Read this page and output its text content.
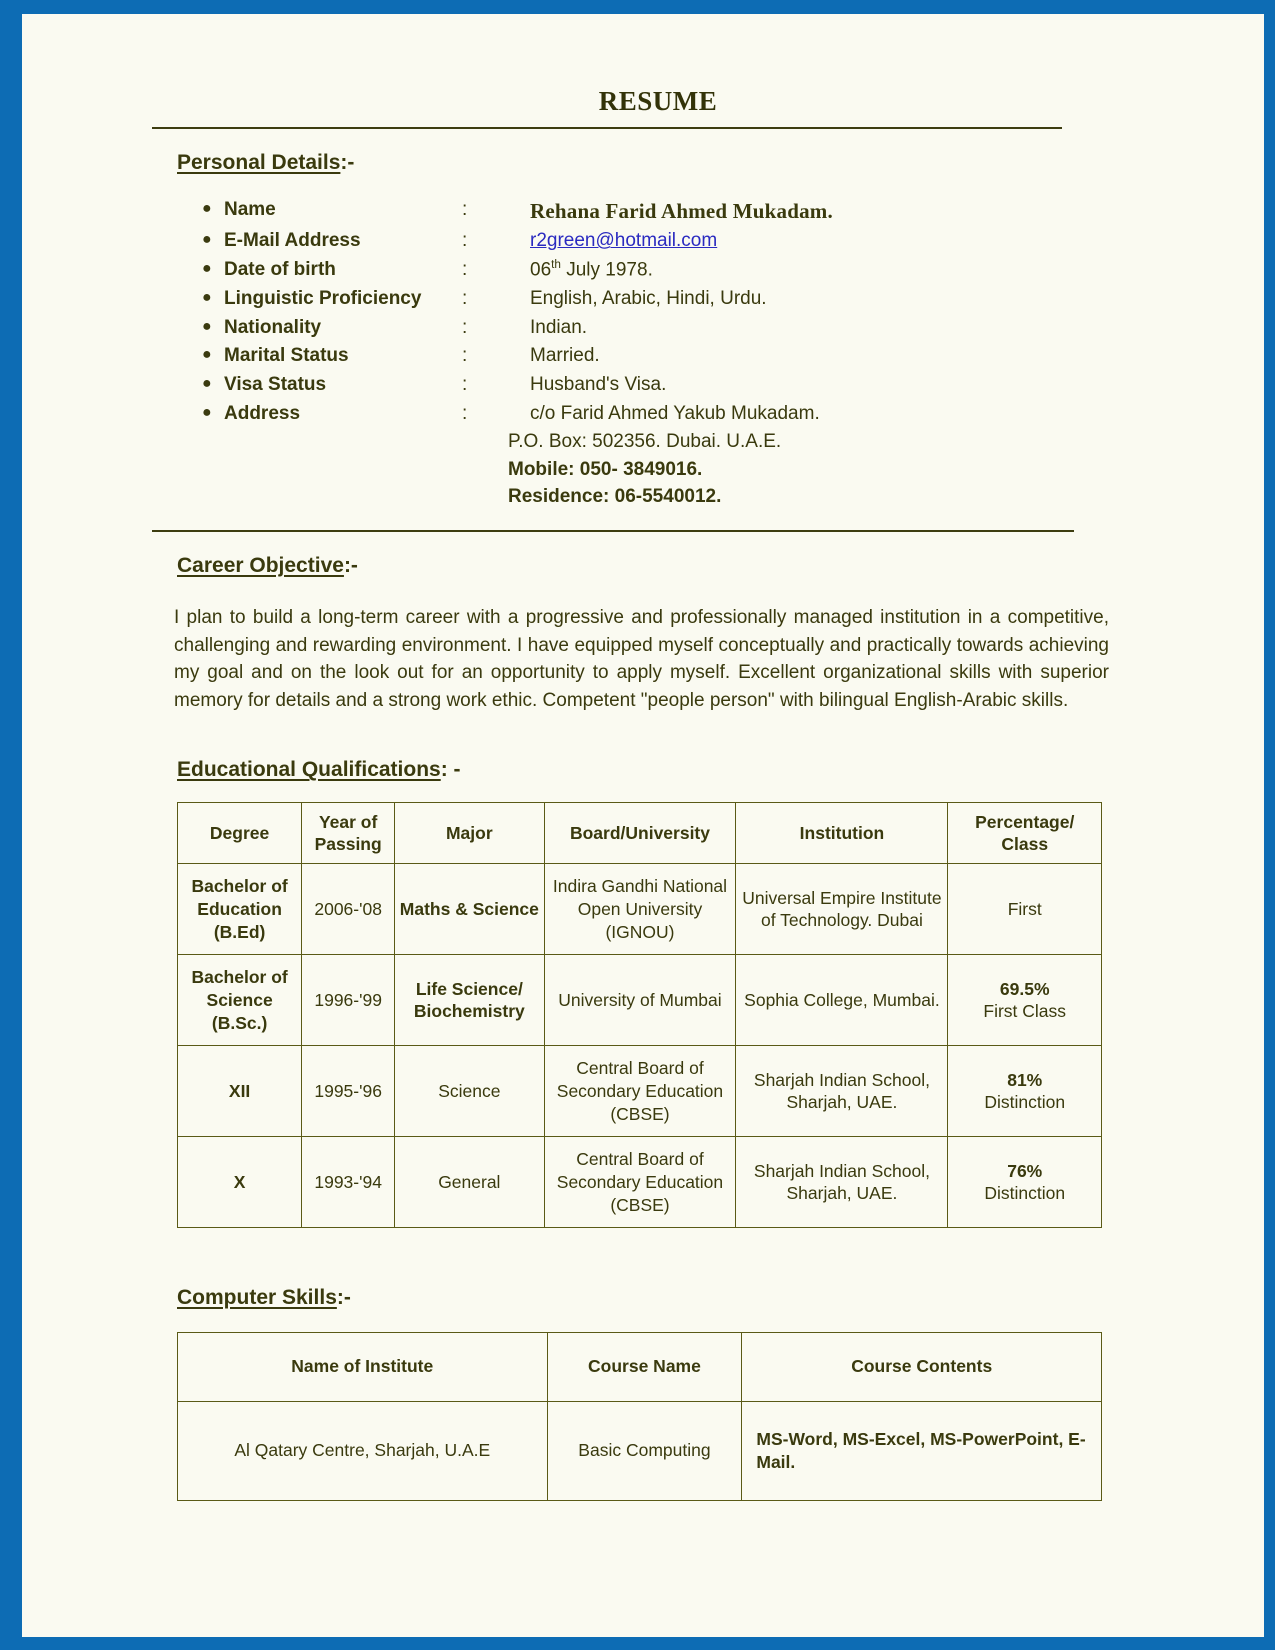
RESUME
Personal Details:-
● Name	:	Rehana Farid Ahmed Mukadam.
● E-Mail Address	:	r2green@hotmail.com
● Date of birth	:	06th July 1978.
● Linguistic Proficiency	:	English, Arabic, Hindi, Urdu.
● Nationality	:	Indian.
● Marital Status	:	Married.
● Visa Status	:	Husband's Visa.
● Address	:	c/o Farid Ahmed Yakub Mukadam.
P.O. Box: 502356. Dubai. U.A.E.
Mobile: 050- 3849016.
Residence: 06-5540012.
Career Objective:-

I plan to build a long-term career with a progressive and professionally managed institution in a competitive, challenging and rewarding environment. I have equipped myself conceptually and practically towards achieving my goal and on the look out for an opportunity to apply myself. Excellent organizational skills with superior memory for details and a strong work ethic. Competent "people person" with bilingual English-Arabic skills.

Educational Qualifications: -
Degree	Year of Passing	Major	Board/University	Institution	Percentage/ Class
Bachelor of Education (B.Ed)	2006-'08	Maths & Science	Indira Gandhi National Open University (IGNOU)	Universal Empire Institute of Technology. Dubai	First
Bachelor of Science (B.Sc.)	1996-'99	Life Science/ Biochemistry	University of Mumbai	Sophia College, Mumbai.	69.5%
First Class

XII	1995-'96	Science	Central Board of Secondary Education (CBSE)	Sharjah Indian School, Sharjah, UAE.	81%
Distinction

X	1993-'94	General	Central Board of Secondary Education (CBSE)	Sharjah Indian School, Sharjah, UAE.	76%
Distinction
Computer Skills:-
Name of Institute	Course Name	Course Contents
Al Qatary Centre, Sharjah, U.A.E	Basic Computing	MS-Word, MS-Excel, MS-PowerPoint, E-Mail.
